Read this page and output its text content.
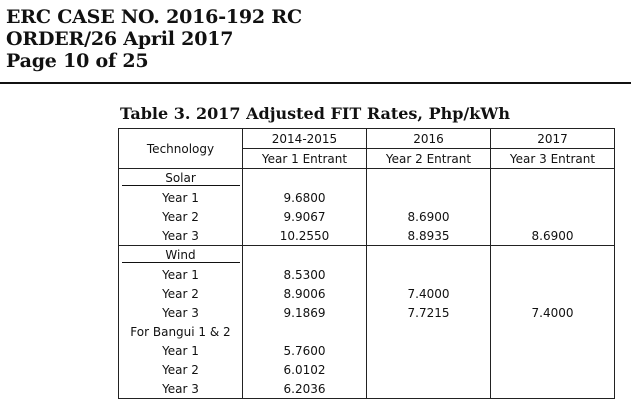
ERC CASE NO. 2016-192 RC
ORDER/26 April 2017
Page 10 of 25
Table 3. 2017 Adjusted FIT Rates, Php/kWh
Technology	2014-2015	2016	2017
	Year 1 Entrant	Year 2 Entrant	Year 3 Entrant
Solar			
Year 1	9.6800		
Year 2	9.9067	8.6900	
Year 3	10.2550	8.8935	8.6900
Wind			
Year 1	8.5300		
Year 2	8.9006	7.4000	
Year 3	9.1869	7.7215	7.4000
For Bangui 1 & 2			
Year 1	5.7600		
Year 2	6.0102		
Year 3	6.2036		
